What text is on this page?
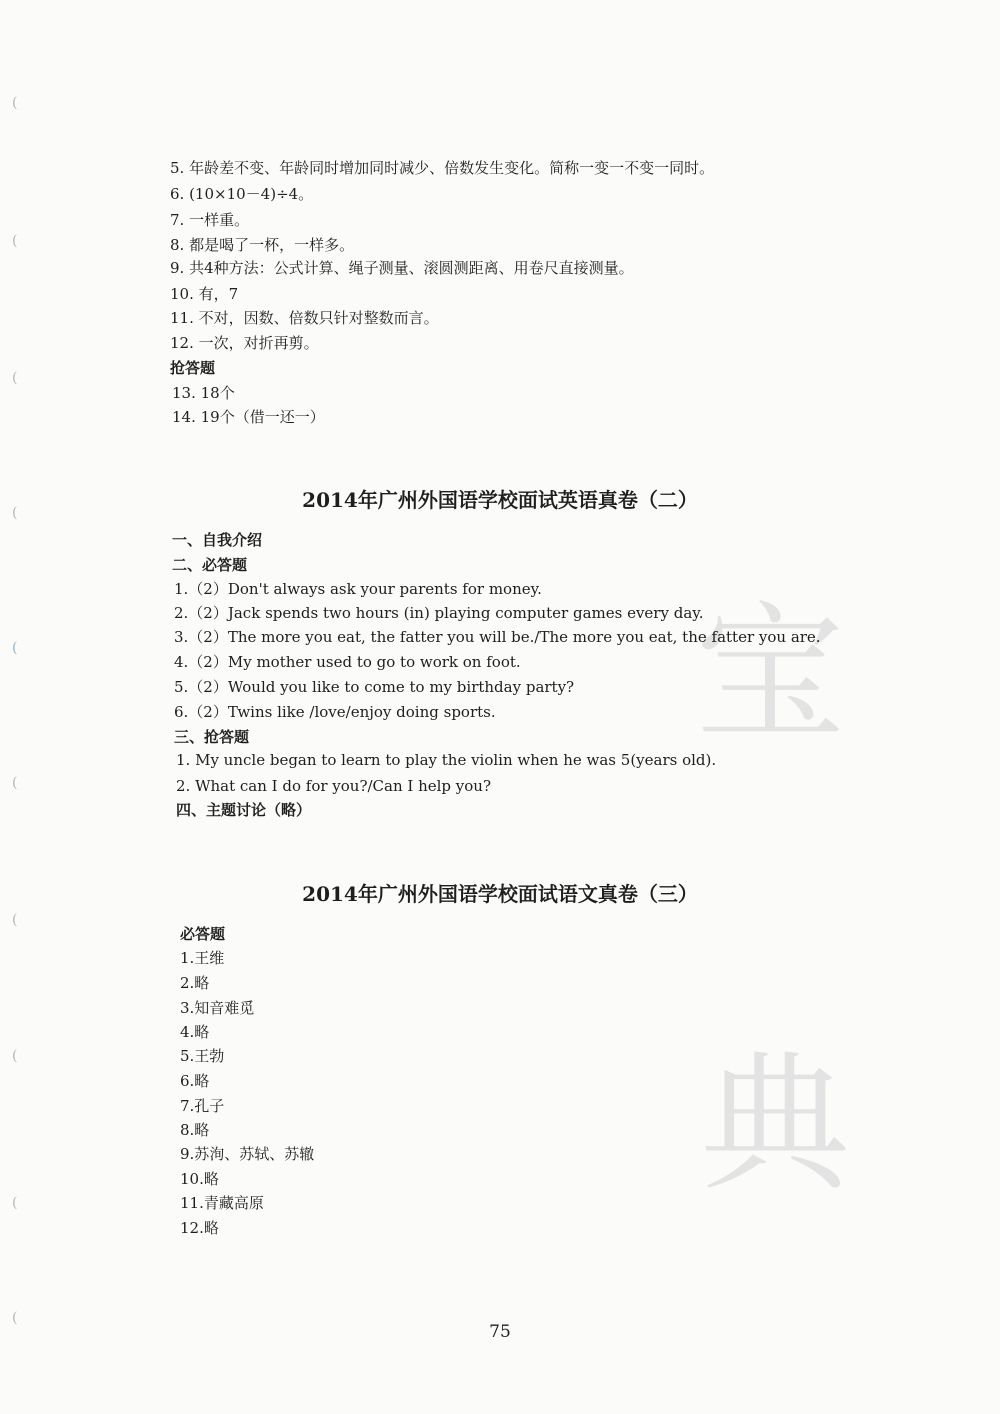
(
(
(
(
(
(
(
(
(
(
宝
典
5. 年龄差不变、年龄同时增加同时减少、倍数发生变化。简称一变一不变一同时。
6. (10×10－4)÷4。
7. 一样重。
8. 都是喝了一杯，一样多。
9. 共4种方法：公式计算、绳子测量、滚圆测距离、用卷尺直接测量。
10. 有，7
11. 不对，因数、倍数只针对整数而言。
12. 一次，对折再剪。
抢答题
13. 18个
14. 19个（借一还一）
2014年广州外国语学校面试英语真卷（二）
一、自我介绍
二、必答题
1.（2）Don't always ask your parents for money.
2.（2）Jack spends two hours (in) playing computer games every day.
3.（2）The more you eat, the fatter you will be./The more you eat, the fatter you are.
4.（2）My mother used to go to work on foot.
5.（2）Would you like to come to my birthday party?
6.（2）Twins like /love/enjoy doing sports.
三、抢答题
1. My uncle began to learn to play the violin when he was 5(years old).
2. What can I do for you?/Can I help you?
四、主题讨论（略）
2014年广州外国语学校面试语文真卷（三）
必答题
1.王维
2.略
3.知音难觅
4.略
5.王勃
6.略
7.孔子
8.略
9.苏洵、苏轼、苏辙
10.略
11.青藏高原
12.略
75
